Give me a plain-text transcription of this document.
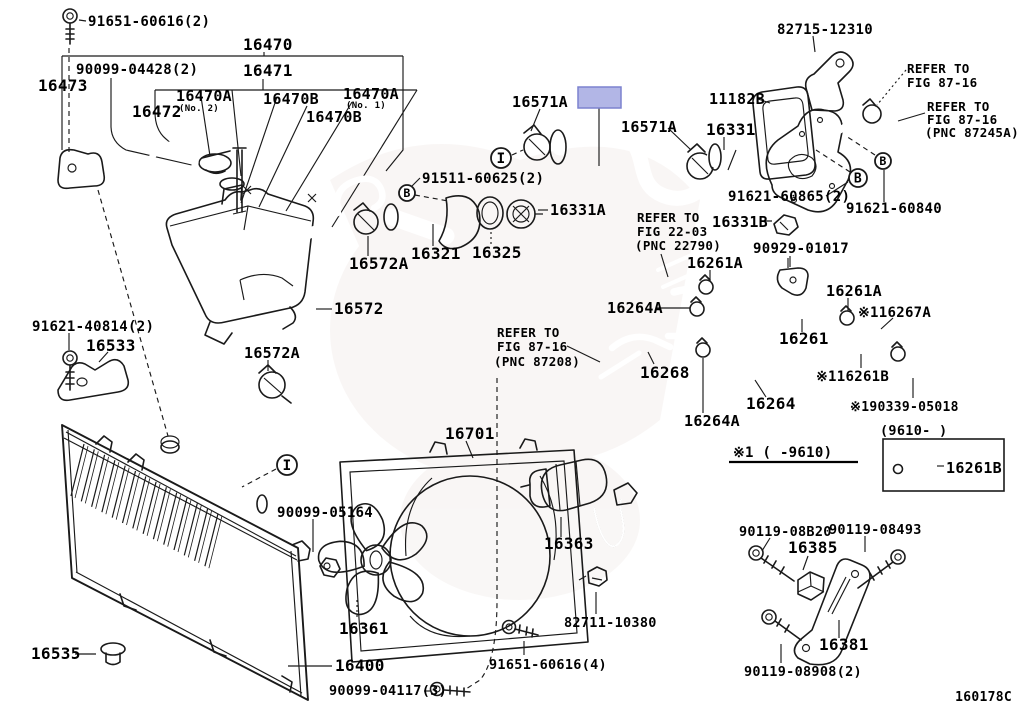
(9610- )
※1 ( -9610)
91651-60616(2)
16470
90099-04428(2)	16471
16473
16470A
(No. 2)
16472
16470B 16470A
(No. 1)
16470B
16571A
16571A
11182B
82715-12310
REFER TO
FIG 87-16
REFER TO
FIG 87-16
(PNC 87245A)
16331
91511-60625(2)
16331A
91621-60865(2)
91621-60840
16331B
REFER TO
FIG 22-03
(PNC 22790)
16572A
16321 16325
16261A
90929-01017
16264A
16261A
※116267A
16572
16261
REFER TO
FIG 87-16
(PNC 87208)
16268	※116261B
16264	※190339-05018
16264A
91621-40814(2)
16533	16572A
16701
90099-05164
16363
90119-08B20
90119-08493
16385
16361	82711-10380
16381
91651-60616(4)
16400
16535
90099-04117(3)
90119-08908(2)
16261B
160178C
I
I
B
B
B
